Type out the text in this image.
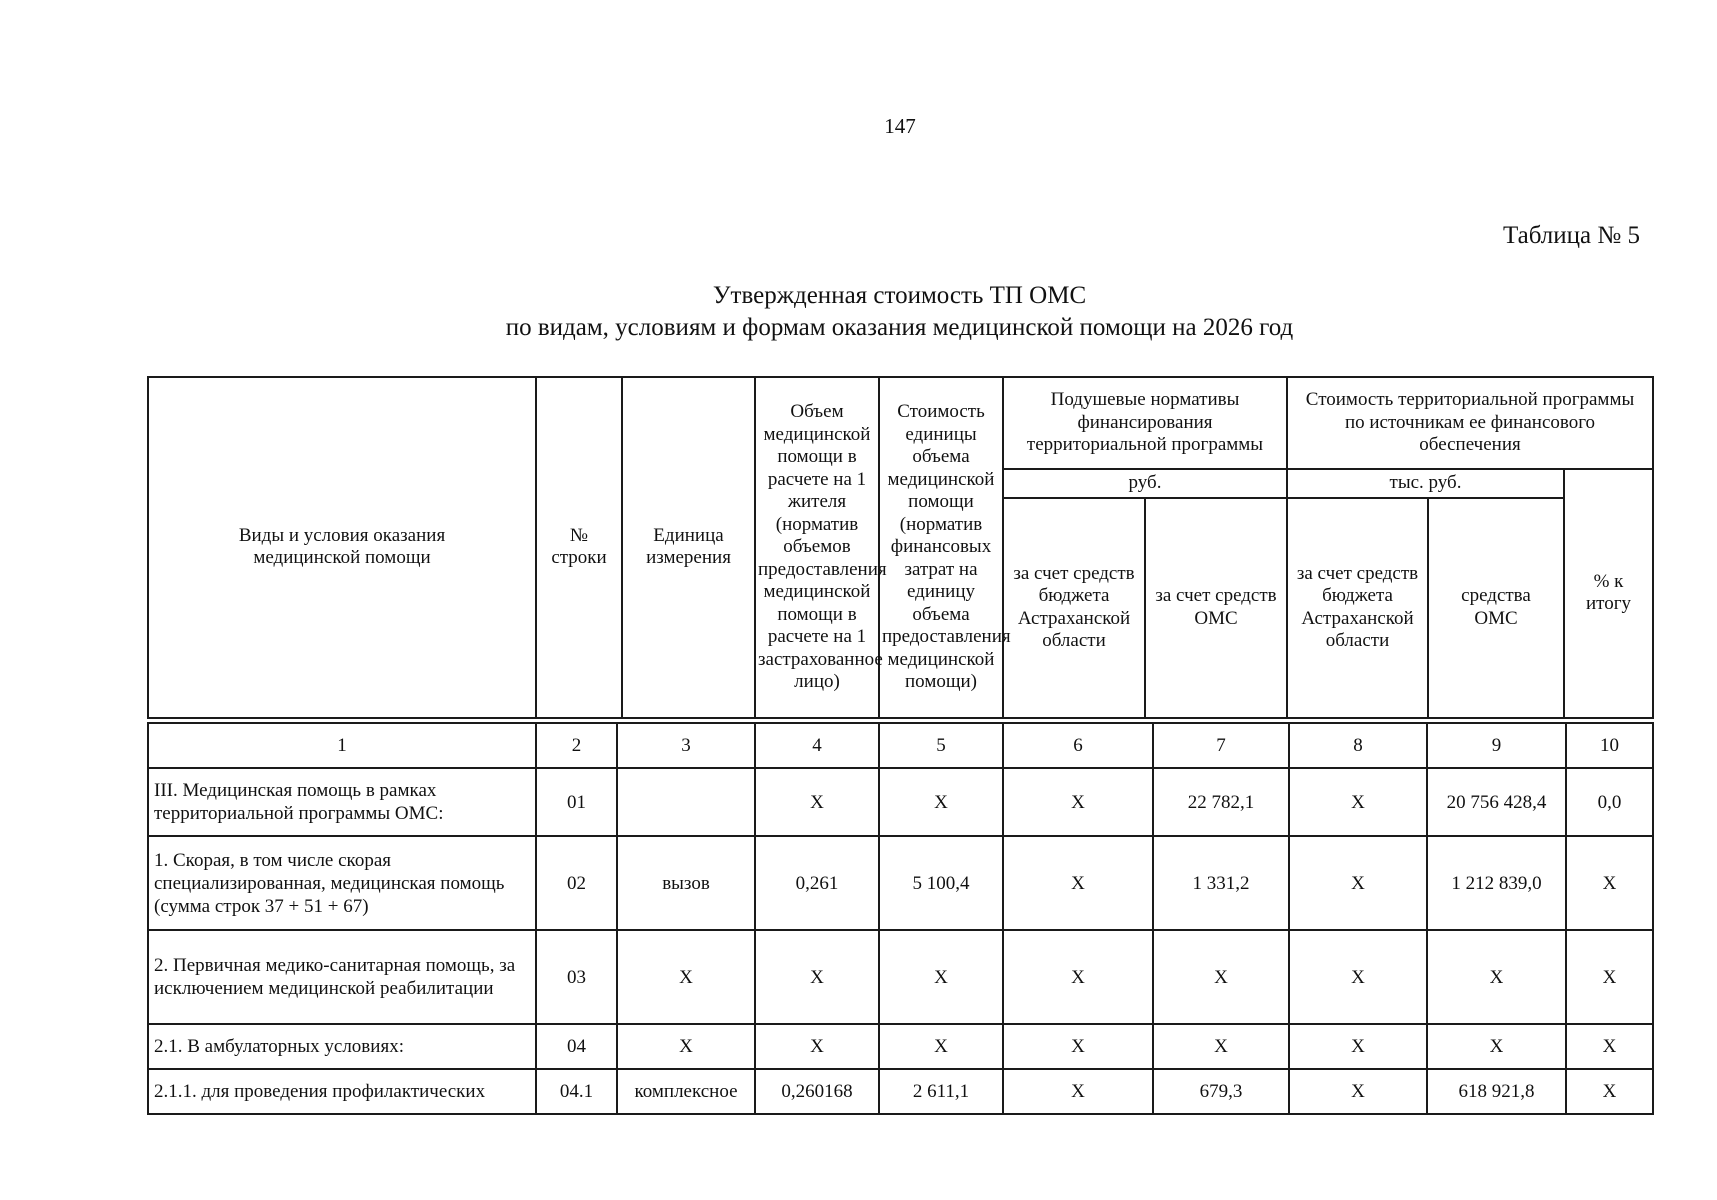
147
Таблица № 5
Утвержденная стоимость ТП ОМС
по видам, условиям и формам оказания медицинской помощи на 2026 год
Виды и условия оказания медицинской помощи	№ строки	Единица измерения	Объем медицинской помощи в расчете на 1 жителя (норматив объемов предоставления медицинской помощи в расчете на 1 застрахованное лицо)	Стоимость единицы объема медицинской помощи (норматив финансовых затрат на единицу объема предоставления медицинской помощи)	Подушевые нормативы финансирования территориальной программы		Стоимость территориальной программы по источникам ее финансового обеспечения		
					руб.		тыс. руб.		% к итогу
					за счет средств бюджета Астраханской области	за счет средств ОМС	за счет средств бюджета Астраханской области	средства ОМС	
1	2	3	4	5	6	7	8	9	10
III. Медицинская помощь в рамках территориальной программы ОМС:	01		X	X	X	22 782,1	X	20 756 428,4	0,0
1. Скорая, в том числе скорая специализированная, медицинская помощь (сумма строк 37 + 51 + 67)	02	вызов	0,261	5 100,4	X	1 331,2	X	1 212 839,0	X
2. Первичная медико-санитарная помощь, за исключением медицинской реабилитации	03	X	X	X	X	X	X	X	X
2.1. В амбулаторных условиях:	04	X	X	X	X	X	X	X	X
2.1.1. для проведения профилактических	04.1	комплексное	0,260168	2 611,1	X	679,3	X	618 921,8	X
